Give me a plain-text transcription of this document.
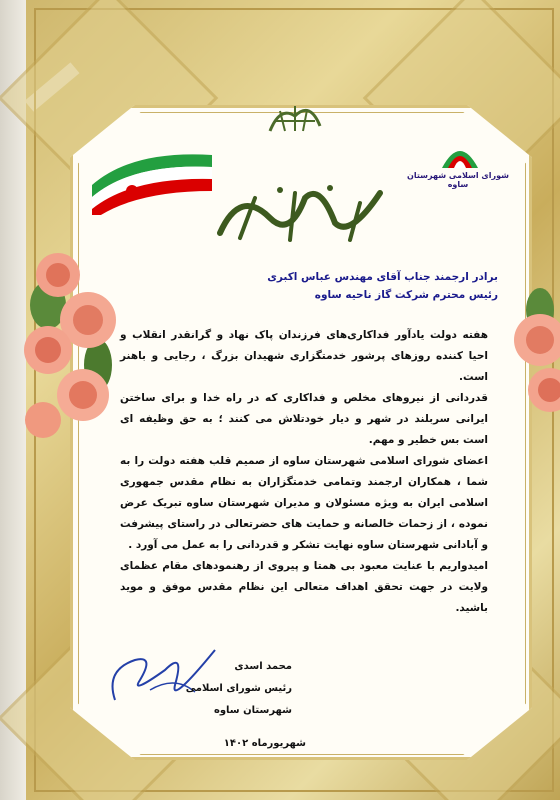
شورای اسلامی شهرستان ساوه
برادر ارجمند جناب آقای مهندس عباس اکبری
رئیس محترم شرکت گاز ناحیه ساوه

هفته دولت یادآور فداکاری‌های فرزندان پاک نهاد و گرانقدر انقلاب و احیا کننده روزهای پرشور خدمتگزاری شهیدان بزرگ ، رجایی و باهنر است.

قدردانی از نیروهای مخلص و فداکاری که در راه خدا و برای ساختن ایرانی سربلند در شهر و دیار خودتلاش می کنند ؛ به حق وظیفه ای است بس خطیر و مهم.

اعضای شورای اسلامی شهرستان ساوه از صمیم قلب هفته دولت را به شما ، همکاران ارجمند وتمامی خدمتگزاران به نظام مقدس جمهوری اسلامی ایران به ویژه مسئولان و مدیران شهرستان ساوه تبریک عرض نموده ، از زحمات خالصانه و حمایت های حضرتعالی در راستای پیشرفت و آبادانی شهرستان ساوه نهایت تشکر و قدردانی را به عمل می آورد .

امیدواریم با عنایت معبود بی همتا و پیروی از رهنمودهای مقام عظمای ولایت در جهت تحقق اهداف متعالی این نظام مقدس موفق و موید باشید.

محمد اسدی
رئیس شورای اسلامی
شهرستان ساوه
شهریورماه ۱۴۰۲
